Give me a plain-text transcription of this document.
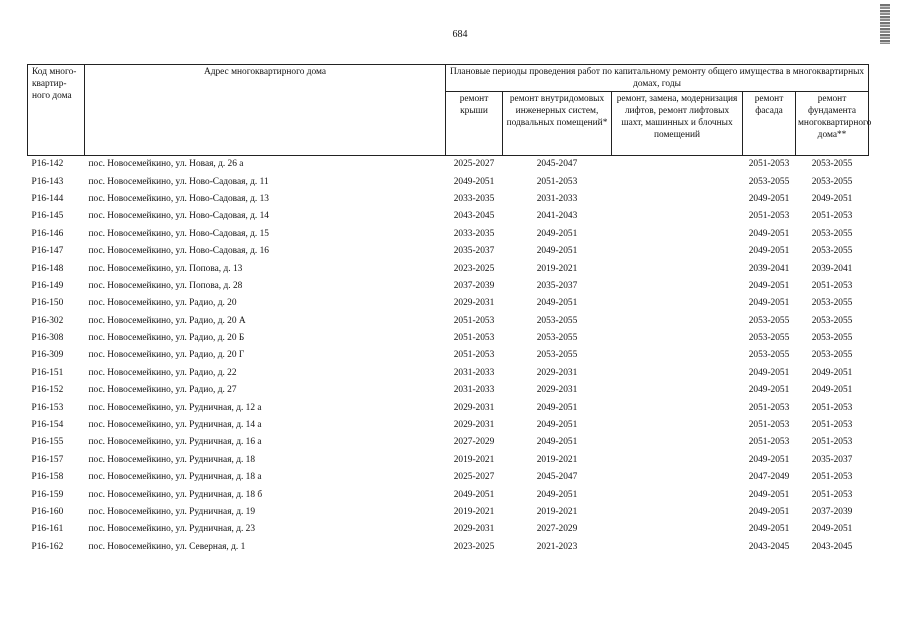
684
Код много-квартир-ного дома	Адрес многоквартирного дома	Плановые периоды проведения работ по капитальному ремонту общего имущества в многоквартирных домах, годы				
		ремонт крыши	ремонт внутридомовых инженерных систем, подвальных помещений*	ремонт, замена, модернизация лифтов, ремонт лифтовых шахт, машинных и блочных помещений	ремонт фасада	ремонт фундамента многоквартирного дома**
Р16-142	пос. Новосемейкино, ул. Новая, д. 26 а	2025-2027	2045-2047		2051-2053	2053-2055
Р16-143	пос. Новосемейкино, ул. Ново-Садовая, д. 11	2049-2051	2051-2053		2053-2055	2053-2055
Р16-144	пос. Новосемейкино, ул. Ново-Садовая, д. 13	2033-2035	2031-2033		2049-2051	2049-2051
Р16-145	пос. Новосемейкино, ул. Ново-Садовая, д. 14	2043-2045	2041-2043		2051-2053	2051-2053
Р16-146	пос. Новосемейкино, ул. Ново-Садовая, д. 15	2033-2035	2049-2051		2049-2051	2053-2055
Р16-147	пос. Новосемейкино, ул. Ново-Садовая, д. 16	2035-2037	2049-2051		2049-2051	2053-2055
Р16-148	пос. Новосемейкино, ул. Попова, д. 13	2023-2025	2019-2021		2039-2041	2039-2041
Р16-149	пос. Новосемейкино, ул. Попова, д. 28	2037-2039	2035-2037		2049-2051	2051-2053
Р16-150	пос. Новосемейкино, ул. Радио, д. 20	2029-2031	2049-2051		2049-2051	2053-2055
Р16-302	пос. Новосемейкино, ул. Радио, д. 20 А	2051-2053	2053-2055		2053-2055	2053-2055
Р16-308	пос. Новосемейкино, ул. Радио, д. 20 Б	2051-2053	2053-2055		2053-2055	2053-2055
Р16-309	пос. Новосемейкино, ул. Радио, д. 20 Г	2051-2053	2053-2055		2053-2055	2053-2055
Р16-151	пос. Новосемейкино, ул. Радио, д. 22	2031-2033	2029-2031		2049-2051	2049-2051
Р16-152	пос. Новосемейкино, ул. Радио, д. 27	2031-2033	2029-2031		2049-2051	2049-2051
Р16-153	пос. Новосемейкино, ул. Рудничная, д. 12 а	2029-2031	2049-2051		2051-2053	2051-2053
Р16-154	пос. Новосемейкино, ул. Рудничная, д. 14 а	2029-2031	2049-2051		2051-2053	2051-2053
Р16-155	пос. Новосемейкино, ул. Рудничная, д. 16 а	2027-2029	2049-2051		2051-2053	2051-2053
Р16-157	пос. Новосемейкино, ул. Рудничная, д. 18	2019-2021	2019-2021		2049-2051	2035-2037
Р16-158	пос. Новосемейкино, ул. Рудничная, д. 18 а	2025-2027	2045-2047		2047-2049	2051-2053
Р16-159	пос. Новосемейкино, ул. Рудничная, д. 18 б	2049-2051	2049-2051		2049-2051	2051-2053
Р16-160	пос. Новосемейкино, ул. Рудничная, д. 19	2019-2021	2019-2021		2049-2051	2037-2039
Р16-161	пос. Новосемейкино, ул. Рудничная, д. 23	2029-2031	2027-2029		2049-2051	2049-2051
Р16-162	пос. Новосемейкино, ул. Северная, д. 1	2023-2025	2021-2023		2043-2045	2043-2045
